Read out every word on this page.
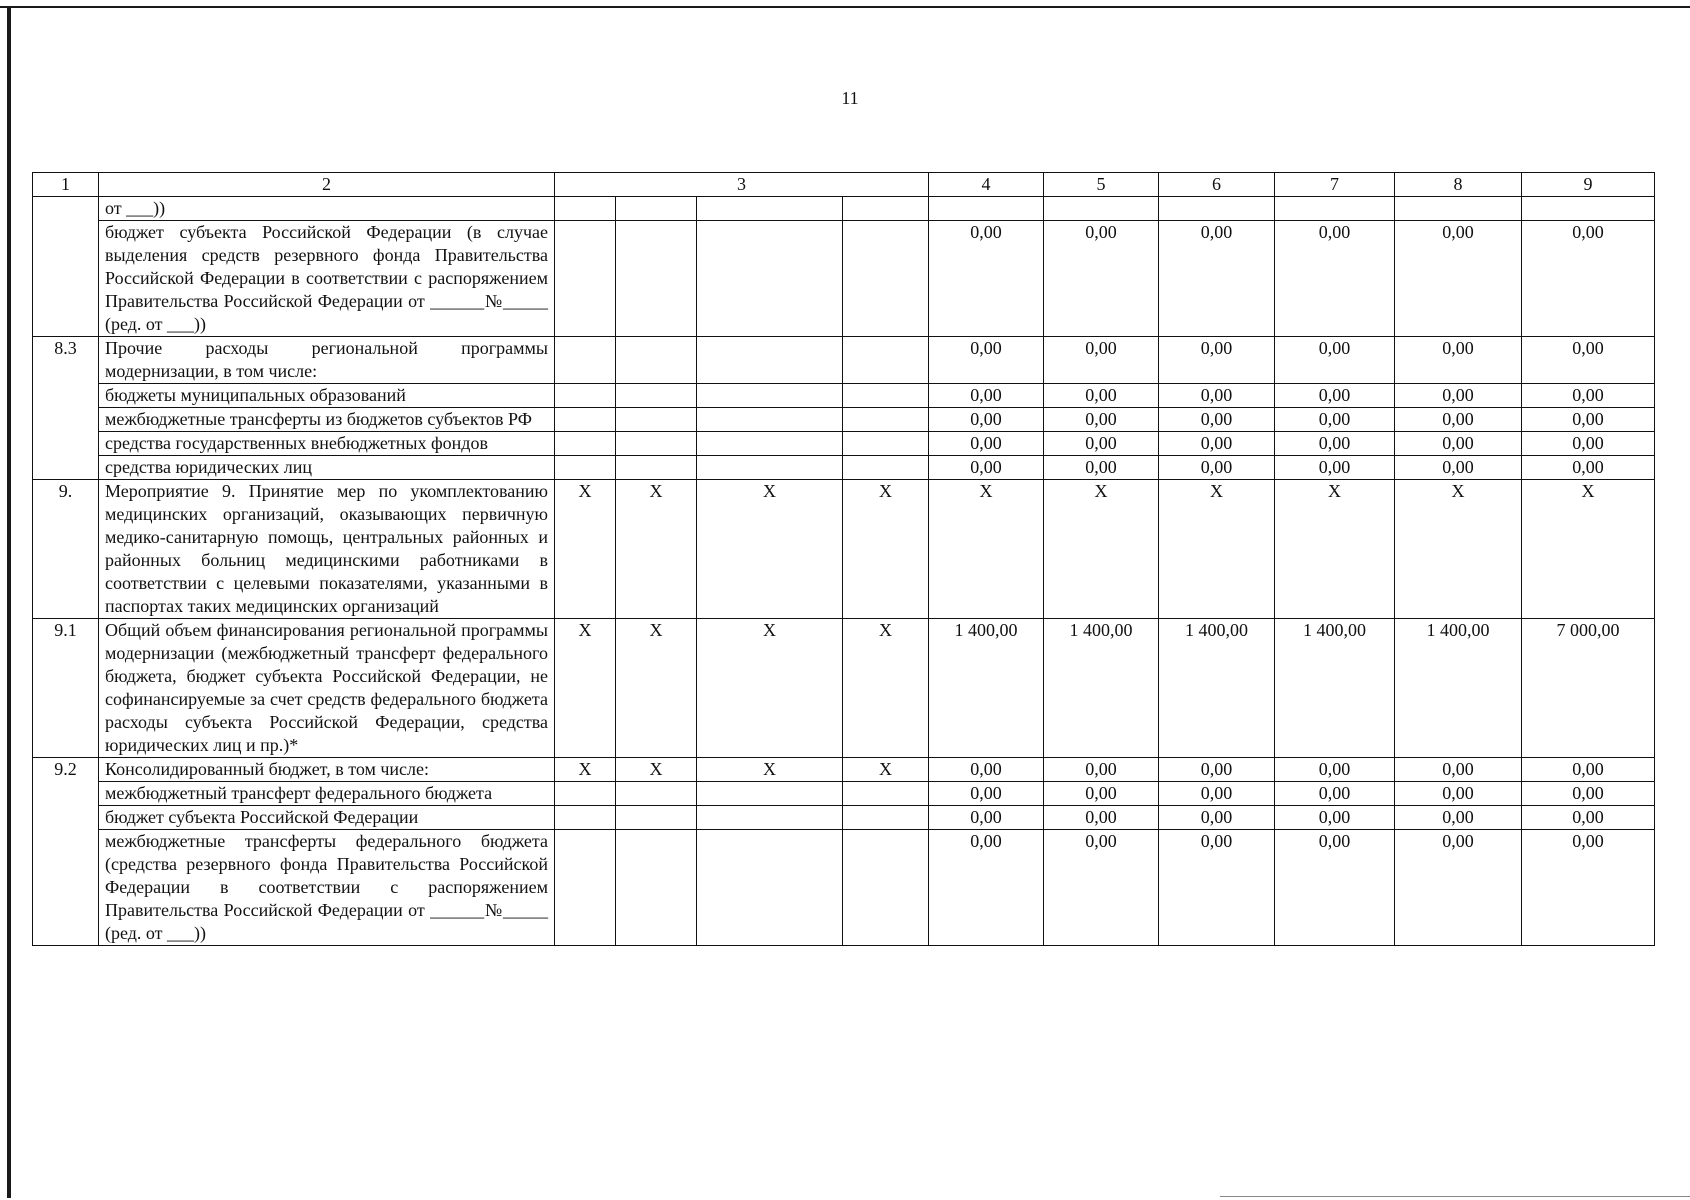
11
1	2	3				4	5	6	7	8	9
	от ___))										
	бюджет субъекта Российской Федерации (в случае выделения средств резервного фонда Правительства Российской Федерации в соответствии с распоряжением Правительства Российской Федерации от ______№_____ (ред. от ___))					0,00	0,00	0,00	0,00	0,00	0,00
8.3	Прочие расходы региональной программы модернизации, в том числе:					0,00	0,00	0,00	0,00	0,00	0,00
	бюджеты муниципальных образований					0,00	0,00	0,00	0,00	0,00	0,00
	межбюджетные трансферты из бюджетов субъектов РФ					0,00	0,00	0,00	0,00	0,00	0,00
	средства государственных внебюджетных фондов					0,00	0,00	0,00	0,00	0,00	0,00
	средства юридических лиц					0,00	0,00	0,00	0,00	0,00	0,00
9.	Мероприятие 9. Принятие мер по укомплектованию медицинских организаций, оказывающих первичную медико-санитарную помощь, центральных районных и районных больниц медицинскими работниками в соответствии с целевыми показателями, указанными в паспортах таких медицинских организаций	X	X	X	X	X	X	X	X	X	X
9.1	Общий объем финансирования региональной программы модернизации (межбюджетный трансферт федерального бюджета, бюджет субъекта Российской Федерации, не софинансируемые за счет средств федерального бюджета расходы субъекта Российской Федерации, средства юридических лиц и пр.)*	X	X	X	X	1 400,00	1 400,00	1 400,00	1 400,00	1 400,00	7 000,00
9.2	Консолидированный бюджет, в том числе:	X	X	X	X	0,00	0,00	0,00	0,00	0,00	0,00
	межбюджетный трансферт федерального бюджета					0,00	0,00	0,00	0,00	0,00	0,00
	бюджет субъекта Российской Федерации					0,00	0,00	0,00	0,00	0,00	0,00
	межбюджетные трансферты федерального бюджета (средства резервного фонда Правительства Российской Федерации в соответствии с распоряжением Правительства Российской Федерации от ______№_____ (ред. от ___))					0,00	0,00	0,00	0,00	0,00	0,00
